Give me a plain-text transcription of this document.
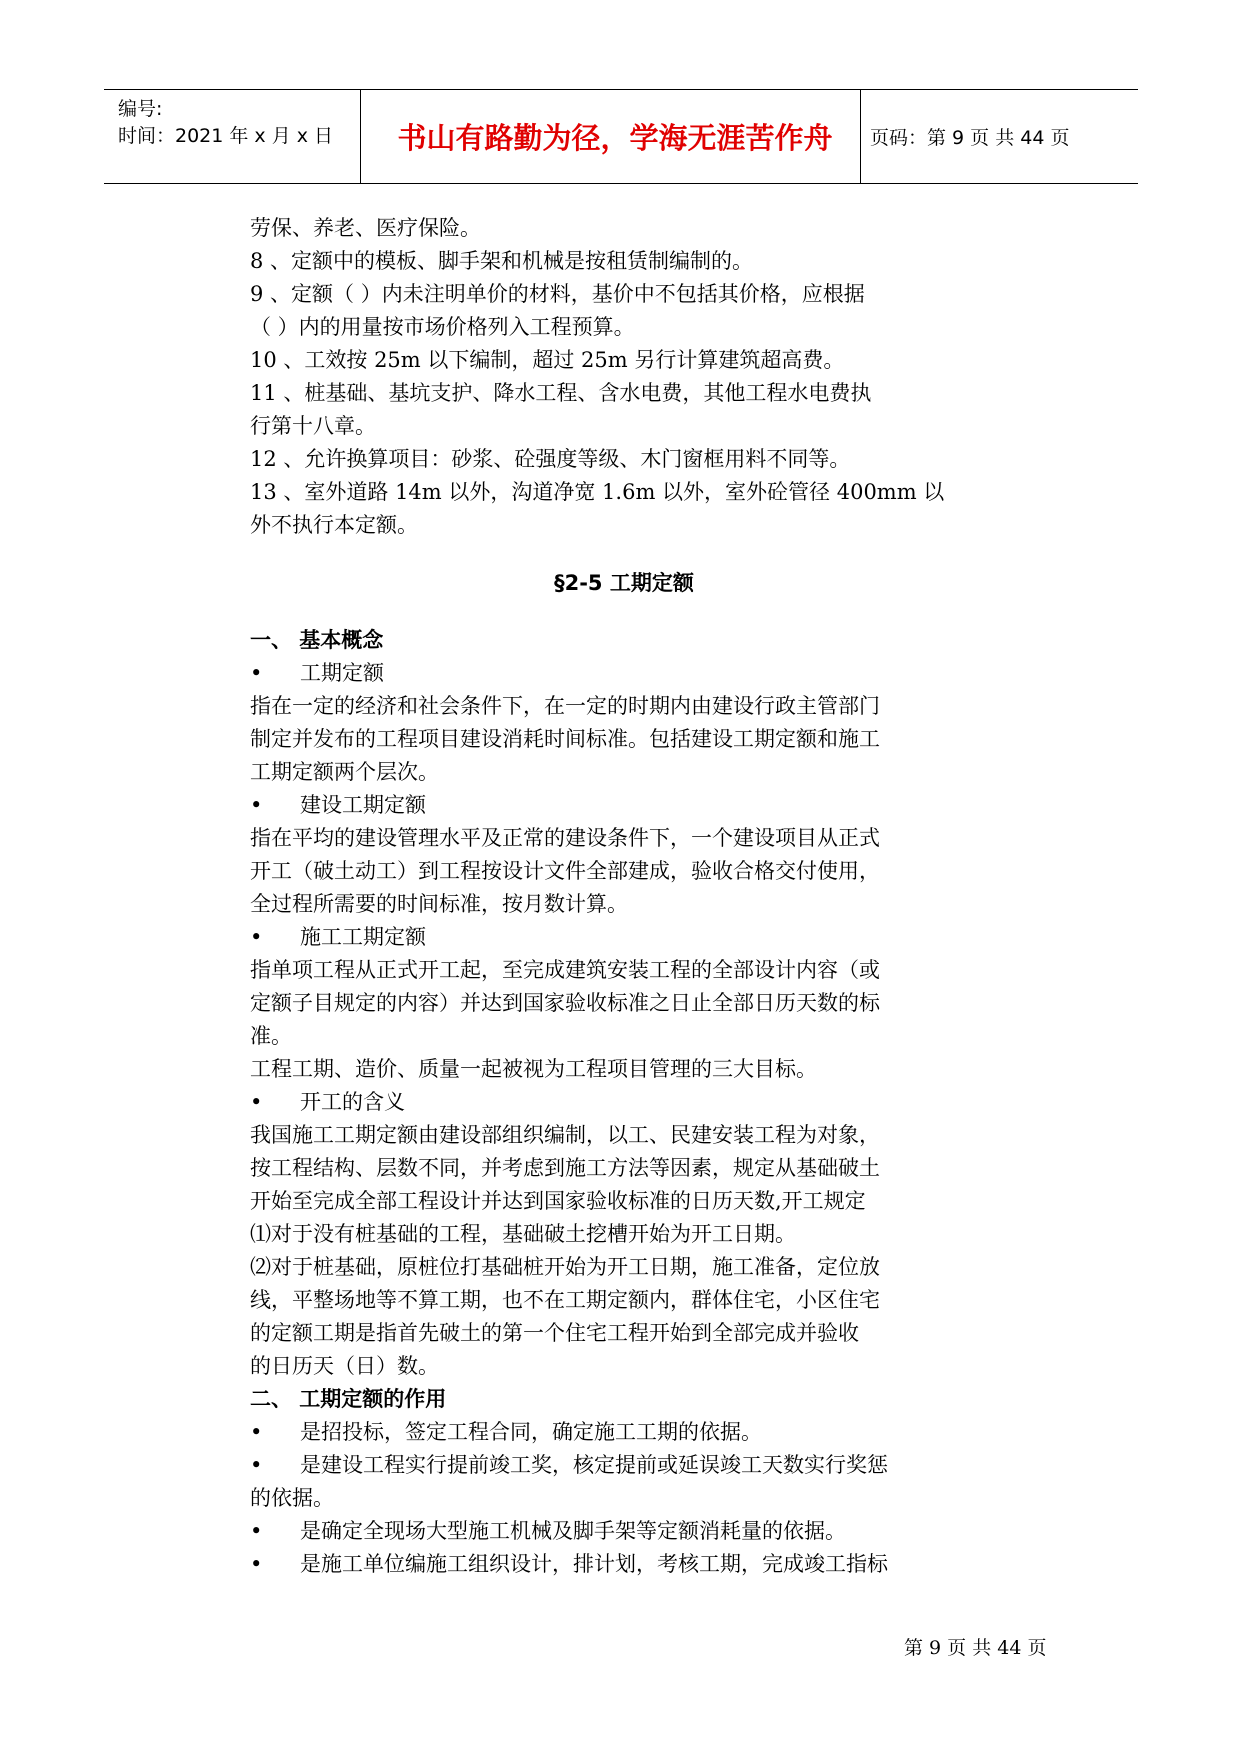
编号:
时间：2021 年 x 月 x 日	书山有路勤为径，学海无涯苦作舟	页码：第 9 页 共 44 页

劳保、养老、医疗保险。

8 、定额中的模板、脚手架和机械是按租赁制编制的。

9 、定额（ ）内未注明单价的材料，基价中不包括其价格，应根据

（ ）内的用量按市场价格列入工程预算。

10 、工效按 25m 以下编制，超过 25m 另行计算建筑超高费。

11 、桩基础、基坑支护、降水工程、含水电费，其他工程水电费执

行第十八章。

12 、允许换算项目：砂浆、砼强度等级、木门窗框用料不同等。

13 、室外道路 14m 以外，沟道净宽 1.6m 以外，室外砼管径 400mm 以

外不执行本定额。

§2-5 工期定额

一、 基本概念

• 工期定额

指在一定的经济和社会条件下，在一定的时期内由建设行政主管部门

制定并发布的工程项目建设消耗时间标准。包括建设工期定额和施工

工期定额两个层次。

• 建设工期定额

指在平均的建设管理水平及正常的建设条件下，一个建设项目从正式

开工（破土动工）到工程按设计文件全部建成，验收合格交付使用，

全过程所需要的时间标准，按月数计算。

• 施工工期定额

指单项工程从正式开工起，至完成建筑安装工程的全部设计内容（或

定额子目规定的内容）并达到国家验收标准之日止全部日历天数的标

准。

工程工期、造价、质量一起被视为工程项目管理的三大目标。

• 开工的含义

我国施工工期定额由建设部组织编制，以工、民建安装工程为对象，

按工程结构、层数不同，并考虑到施工方法等因素，规定从基础破土

开始至完成全部工程设计并达到国家验收标准的日历天数,开工规定

⑴对于没有桩基础的工程，基础破土挖槽开始为开工日期。

⑵对于桩基础，原桩位打基础桩开始为开工日期，施工准备，定位放

线，平整场地等不算工期，也不在工期定额内，群体住宅，小区住宅

的定额工期是指首先破土的第一个住宅工程开始到全部完成并验收

的日历天（日）数。

二、 工期定额的作用

• 是招投标，签定工程合同，确定施工工期的依据。

• 是建设工程实行提前竣工奖，核定提前或延误竣工天数实行奖惩

的依据。

• 是确定全现场大型施工机械及脚手架等定额消耗量的依据。

• 是施工单位编施工组织设计，排计划，考核工期，完成竣工指标

第 9 页 共 44 页
